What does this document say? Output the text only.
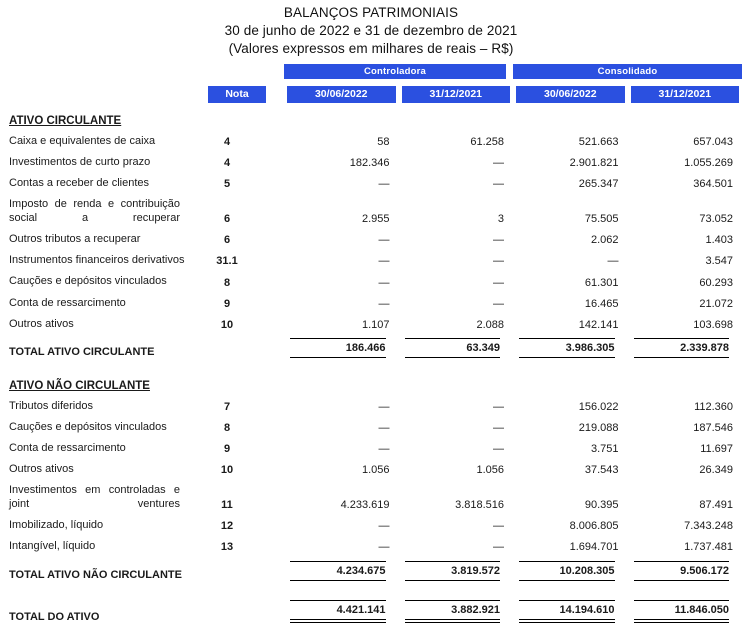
BALANÇOS PATRIMONIAIS
30 de junho de 2022 e 31 de dezembro de 2021
(Valores expressos em milhares de reais – R$)

		Controladora		Consolidado	

	Nota	30/06/2022	31/12/2021	30/06/2022	31/12/2021

ATIVO CIRCULANTE					

Caixa e equivalentes de caixa	4	58	61.258	521.663	657.043
Investimentos de curto prazo	4	182.346	—	2.901.821	1.055.269
Contas a receber de clientes	5	—	—	265.347	364.501
Imposto de renda e contribuição social a recuperar	6	2.955	3	75.505	73.052
Outros tributos a recuperar	6	—	—	2.062	1.403
Instrumentos financeiros derivativos	31.1	—	—	—	3.547
Cauções e depósitos vinculados	8	—	—	61.301	60.293
Conta de ressarcimento	9	—	—	16.465	21.072
Outros ativos	10	1.107	2.088	142.141	103.698
TOTAL ATIVO CIRCULANTE		186.466	63.349	3.986.305	2.339.878

ATIVO NÃO CIRCULANTE					

Tributos diferidos	7	—	—	156.022	112.360
Cauções e depósitos vinculados	8	—	—	219.088	187.546
Conta de ressarcimento	9	—	—	3.751	11.697
Outros ativos	10	1.056	1.056	37.543	26.349
Investimentos em controladas e joint ventures	11	4.233.619	3.818.516	90.395	87.491
Imobilizado, líquido	12	—	—	8.006.805	7.343.248
Intangível, líquido	13	—	—	1.694.701	1.737.481
TOTAL ATIVO NÃO CIRCULANTE		4.234.675	3.819.572	10.208.305	9.506.172

TOTAL DO ATIVO		4.421.141	3.882.921	14.194.610	11.846.050
